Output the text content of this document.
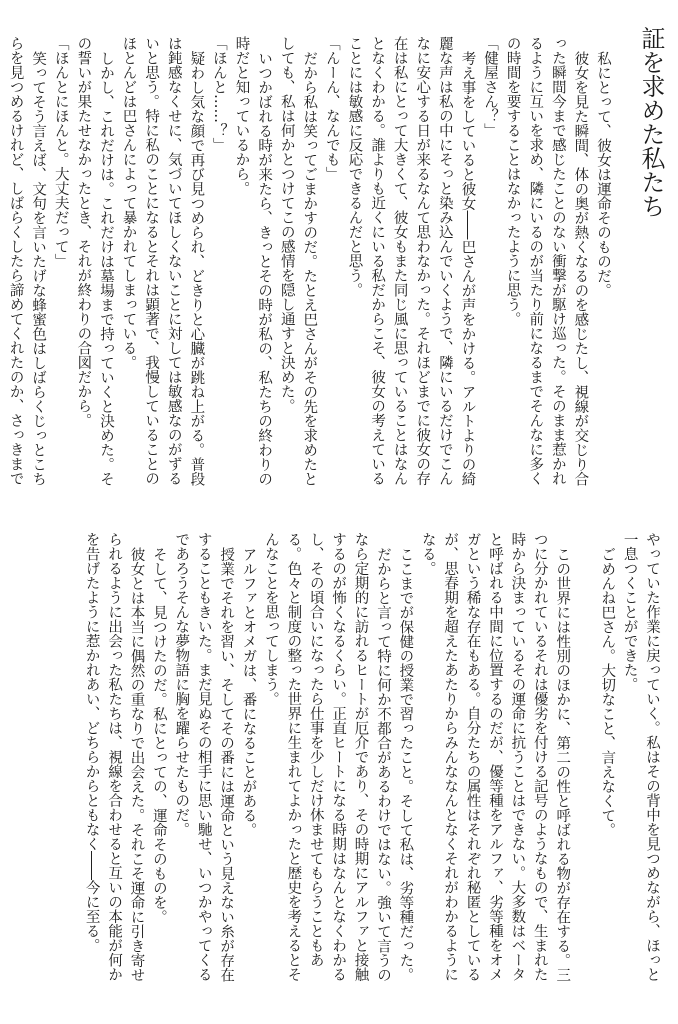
証を求めた私たち
私にとって、彼女は運命そのものだ。
彼女を見た瞬間、体の奥が熱くなるのを感じたし、視線が交じり合
った瞬間今まで感じたことのない衝撃が駆け巡った。そのまま惹かれ
るように互いを求め、隣にいるのが当たり前になるまでそんなに多く
の時間を要することはなかったように思う。
「健屋さん？」
考え事をしていると彼女――巴さんが声をかける。アルトよりの綺
麗な声は私の中にそっと染み込んでいくようで、隣にいるだけでこん
なに安心する日が来るなんて思わなかった。それほどまでに彼女の存
在は私にとって大きくて、彼女もまた同じ風に思っていることはなん
となくわかる。誰よりも近くにいる私だからこそ、彼女の考えている
ことには敏感に反応できるんだと思う。
「んーん、なんでも」
だから私は笑ってごまかすのだ。たとえ巴さんがその先を求めたと
しても、私は何かとつけてこの感情を隠し通すと決めた。
いつかばれる時が来たら、きっとその時が私の、私たちの終わりの
時だと知っているから。
「ほんと……？」
疑わし気な顔で再び見つめられ、どきりと心臓が跳ね上がる。普段
は鈍感なくせに、気づいてほしくないことに対しては敏感なのがずる
いと思う。特に私のことになるとそれは顕著で、我慢していることの
ほとんどは巴さんによって暴かれてしまっている。
しかし、これだけは。これだけは墓場まで持っていくと決めた。そ
の誓いが果たせなかったとき、それが終わりの合図だから。
「ほんとにほんと。大丈夫だって」
笑ってそう言えば、文句を言いたげな蜂蜜色はしばらくじっとこち
らを見つめるけれど、しばらくしたら諦めてくれたのか、さっきまで
やっていた作業に戻っていく。私はその背中を見つめながら、ほっと
一息つくことができた。
ごめんね巴さん。大切なこと、言えなくて。
この世界には性別のほかに、第二の性と呼ばれる物が存在する。三
つに分かれているそれは優劣を付ける記号のようなもので、生まれた
時から決まっているその運命に抗うことはできない。大多数はベータ
と呼ばれる中間に位置するのだが、優等種をアルファ、劣等種をオメ
ガという稀な存在もある。自分たちの属性はそれぞれ秘匿としている
が、思春期を超えたあたりからみんななんとなくそれがわかるように
なる。
ここまでが保健の授業で習ったこと。そして私は、劣等種だった。
だからと言って特に何か不都合があるわけではない。強いて言うの
なら定期的に訪れるヒートが厄介であり、その時期にアルファと接触
するのが怖くなるくらい。正直ヒートになる時期はなんとなくわかる
し、その頃合いになったら仕事を少しだけ休ませてもらうこともあ
る。色々と制度の整った世界に生まれてよかったと歴史を考えるとそ
んなことを思ってしまう。
アルファとオメガは、番になることがある。
授業でそれを習い、そしてその番には運命という見えない糸が存在
することもきいた。まだ見ぬその相手に思い馳せ、いつかやってくる
であろうそんな夢物語に胸を躍らせたものだ。
そして、見つけたのだ。私にとっての、運命そのものを。
彼女とは本当に偶然の重なりで出会えた。それこそ運命に引き寄せ
られるように出会った私たちは、視線を合わせると互いの本能が何か
を告げたように惹かれあい、どちらからともなく――今に至る。
